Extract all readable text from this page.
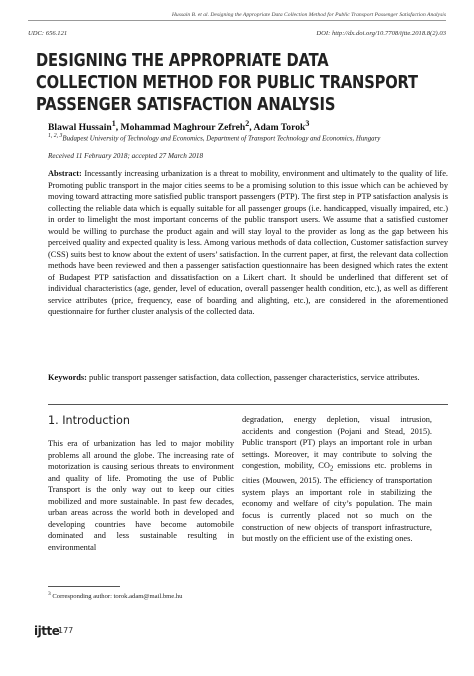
Hussain B. et al. Designing the Appropriate Data Collection Method for Public Transport Passenger Satisfaction Analysis
UDC: 656.121	DOI: http://dx.doi.org/10.7708/ijtte.2018.8(2).03
DESIGNING THE APPROPRIATE DATA COLLECTION METHOD FOR PUBLIC TRANSPORT PASSENGER SATISFACTION ANALYSIS
Blawal Hussain$^1$, Mohammad Maghrour Zefreh$^2$, Adam Torok$^3$
$^{1, 2, 3}$Budapest University of Technology and Economics, Department of Transport Technology and Economics, Hungary
Received 11 February 2018; accepted 27 March 2018

Abstract: Incessantly increasing urbanization is a threat to mobility, environment and ultimately to the quality of life. Promoting public transport in the major cities seems to be a promising solution to this issue which can be achieved by moving toward attracting more satisfied public transport passengers (PTP). The first step in PTP satisfaction analysis is collecting the reliable data which is equally suitable for all passenger groups (i.e. handicapped, visually impaired, etc.) in order to limelight the most important concerns of the public transport users. We assume that a satisfied customer would be willing to purchase the product again and will stay loyal to the provider as long as the gap between his perceived quality and expected quality is less. Among various methods of data collection, Customer satisfaction survey (CSS) suits best to know about the extent of users’ satisfaction. In the current paper, at first, the relevant data collection methods have been reviewed and then a passenger satisfaction questionnaire has been designed which rates the extent of Budapest PTP satisfaction and dissatisfaction on a Likert chart. It should be underlined that different set of individual characteristics (age, gender, level of education, overall passenger health condition, etc.), as well as different service attributes (price, frequency, ease of boarding and alighting, etc.), are considered in the aforementioned questionnaire for further cluster analysis of the collected data.

Keywords: public transport passenger satisfaction, data collection, passenger characteristics, service attributes.

1. Introduction

This era of urbanization has led to major mobility problems all around the globe. The increasing rate of motorization is causing serious threats to environment and quality of life. Promoting the use of Public Transport is the only way out to keep our cities mobilized and more sustainable. In past few decades, urban areas across the world both in developed and developing countries have become automobile dominated and less sustainable resulting in environmental

degradation, energy depletion, visual intrusion, accidents and congestion (Pojani and Stead, 2015). Public transport (PT) plays an important role in urban settings. Moreover, it may contribute to solving the congestion, mobility, $CO_2$ emissions etc. problems in cities (Mouwen, 2015). The efficiency of transportation system plays an important role in stabilizing the economy and welfare of city’s population. The main focus is currently placed not so much on the construction of new objects of transport infrastructure, but mostly on the efficient use of the existing ones.

$^3$ Corresponding author: torok.adam@mail.bme.hu
ijtte
177
